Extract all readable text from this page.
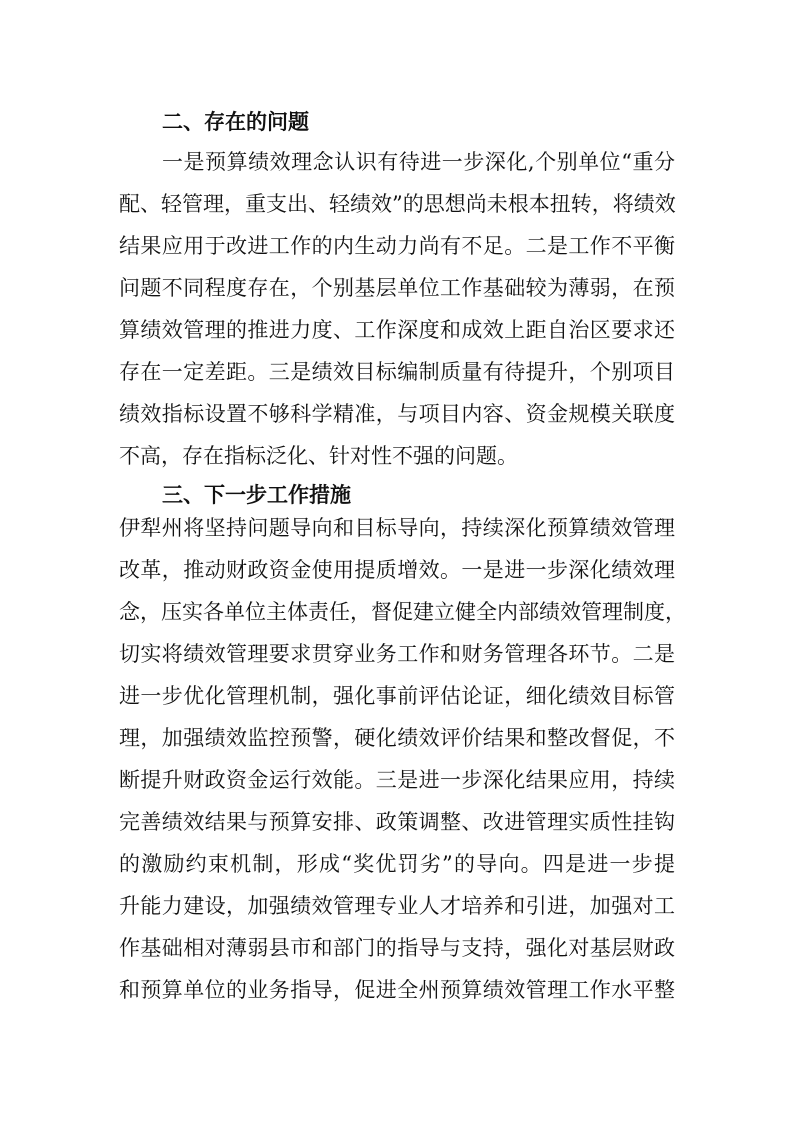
二、存在的问题
一是预算绩效理念认识有待进一步深化,个别单位“重分
配、轻管理，重支出、轻绩效”的思想尚未根本扭转，将绩效
结果应用于改进工作的内生动力尚有不足。二是工作不平衡
问题不同程度存在，个别基层单位工作基础较为薄弱，在预
算绩效管理的推进力度、工作深度和成效上距自治区要求还
存在一定差距。三是绩效目标编制质量有待提升，个别项目
绩效指标设置不够科学精准，与项目内容、资金规模关联度
不高，存在指标泛化、针对性不强的问题。
三、下一步工作措施
伊犁州将坚持问题导向和目标导向，持续深化预算绩效管理
改革，推动财政资金使用提质增效。一是进一步深化绩效理
念，压实各单位主体责任，督促建立健全内部绩效管理制度，
切实将绩效管理要求贯穿业务工作和财务管理各环节。二是
进一步优化管理机制，强化事前评估论证，细化绩效目标管
理，加强绩效监控预警，硬化绩效评价结果和整改督促，不
断提升财政资金运行效能。三是进一步深化结果应用，持续
完善绩效结果与预算安排、政策调整、改进管理实质性挂钩
的激励约束机制，形成“奖优罚劣”的导向。四是进一步提
升能力建设，加强绩效管理专业人才培养和引进，加强对工
作基础相对薄弱县市和部门的指导与支持，强化对基层财政
和预算单位的业务指导，促进全州预算绩效管理工作水平整
